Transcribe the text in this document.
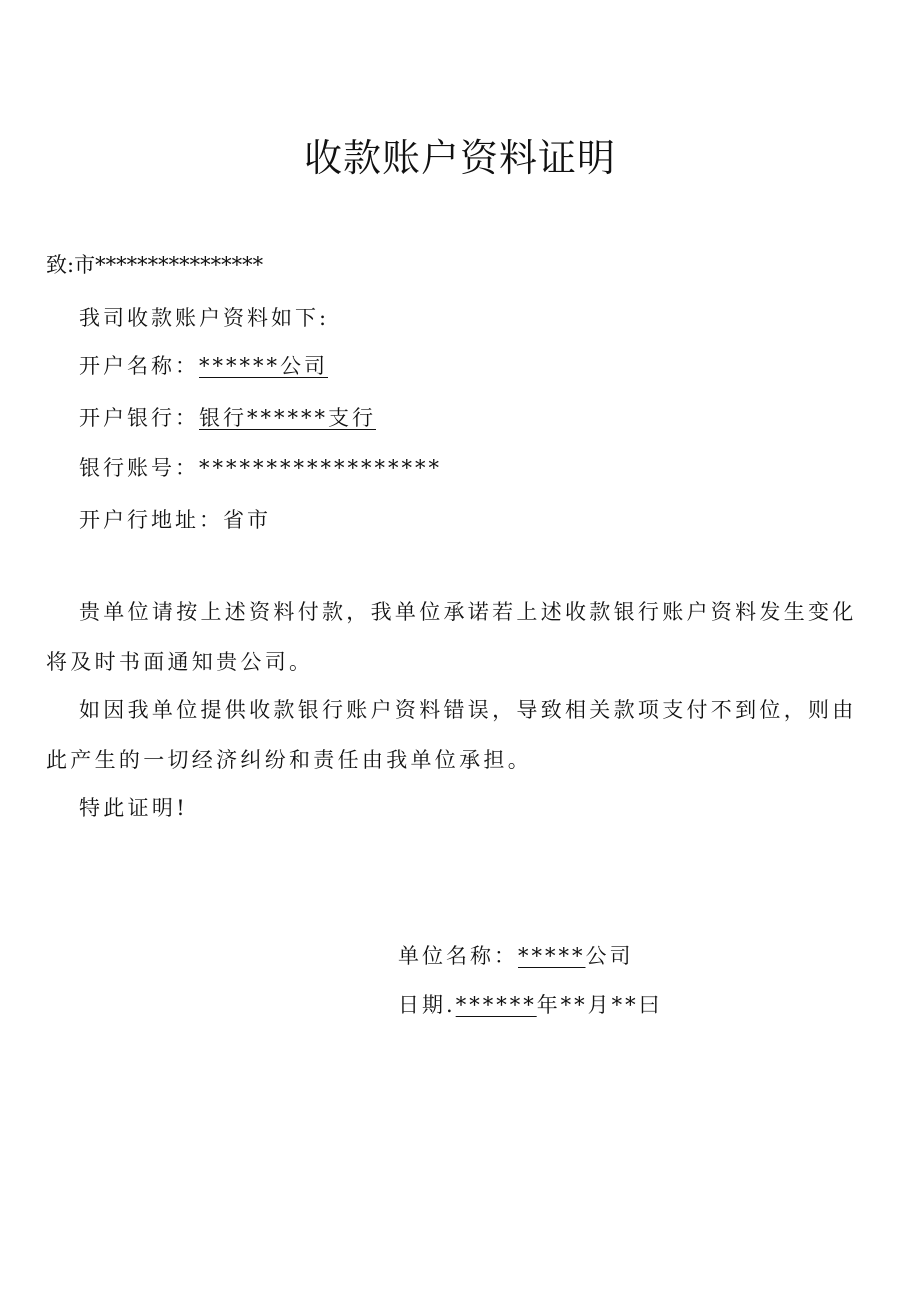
收款账户资料证明
致:市****************
我司收款账户资料如下:
开户名称：******公司
开户银行：银行******支行
银行账号：******************
开户行地址：省市

贵单位请按上述资料付款，我单位承诺若上述收款银行账户资料发生变化将及时书面通知贵公司。

如因我单位提供收款银行账户资料错误，导致相关款项支付不到位，则由此产生的一切经济纠纷和责任由我单位承担。

特此证明!

单位名称：*****公司
日期.******年**月**曰
